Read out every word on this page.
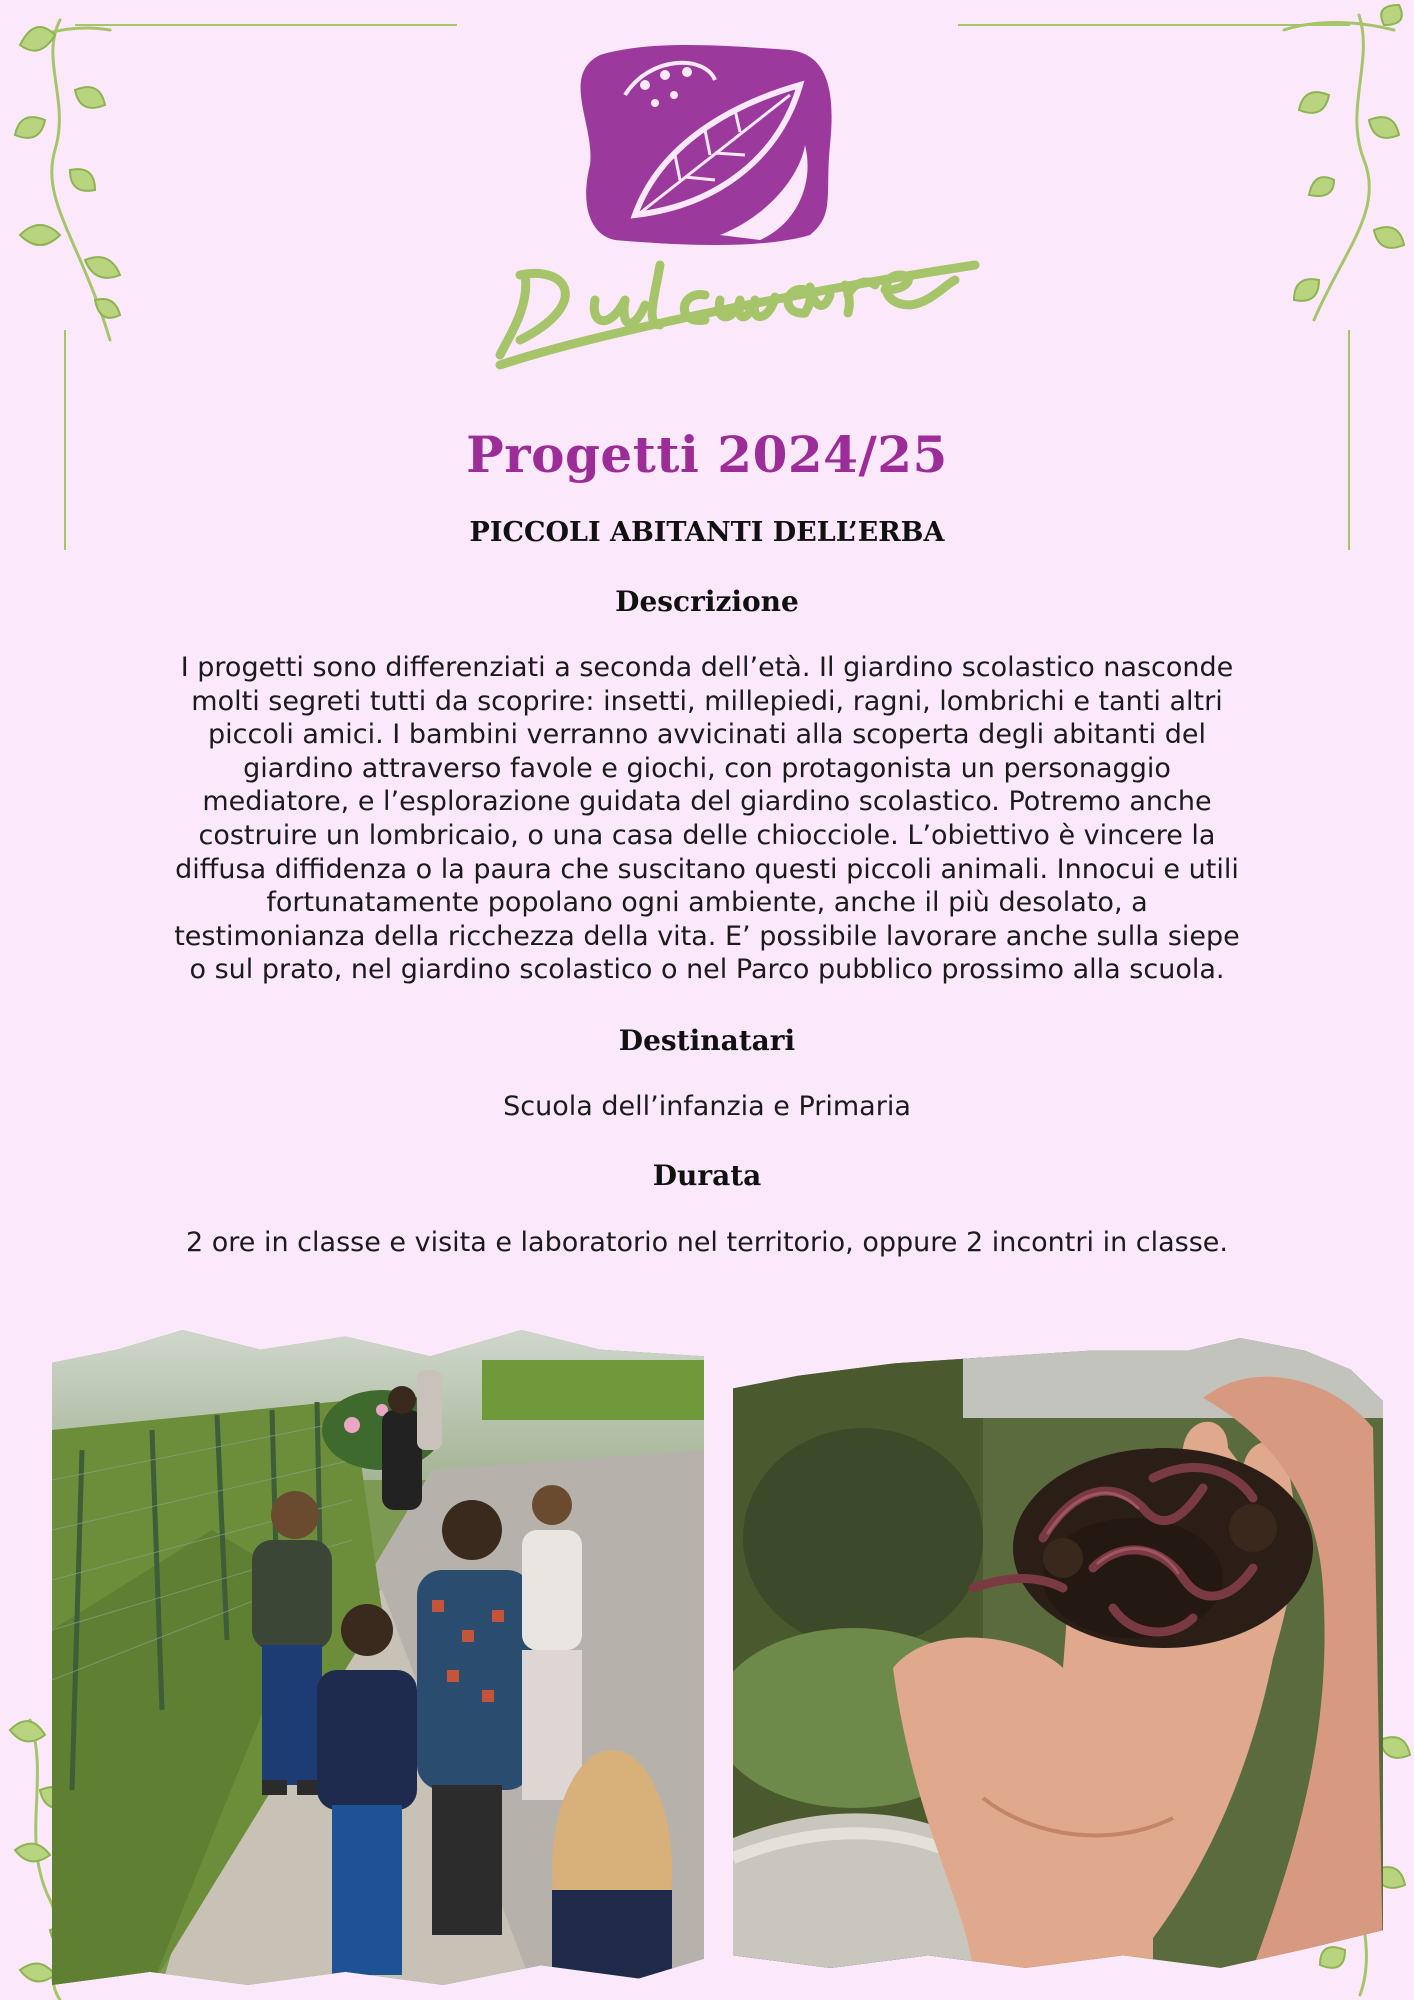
Progetti 2024/25
PICCOLI ABITANTI DELL’ERBA
Descrizione
I progetti sono differenziati a seconda dell’età. Il giardino scolastico nasconde
molti segreti tutti da scoprire: insetti, millepiedi, ragni, lombrichi e tanti altri
piccoli amici. I bambini verranno avvicinati alla scoperta degli abitanti del
giardino attraverso favole e giochi, con protagonista un personaggio
mediatore, e l’esplorazione guidata del giardino scolastico. Potremo anche
costruire un lombricaio, o una casa delle chiocciole. L’obiettivo è vincere la
diffusa diffidenza o la paura che suscitano questi piccoli animali. Innocui e utili
fortunatamente popolano ogni ambiente, anche il più desolato, a
testimonianza della ricchezza della vita. E’ possibile lavorare anche sulla siepe
o sul prato, nel giardino scolastico o nel Parco pubblico prossimo alla scuola.
Destinatari
Scuola dell’infanzia e Primaria
Durata
2 ore in classe e visita e laboratorio nel territorio, oppure 2 incontri in classe.
